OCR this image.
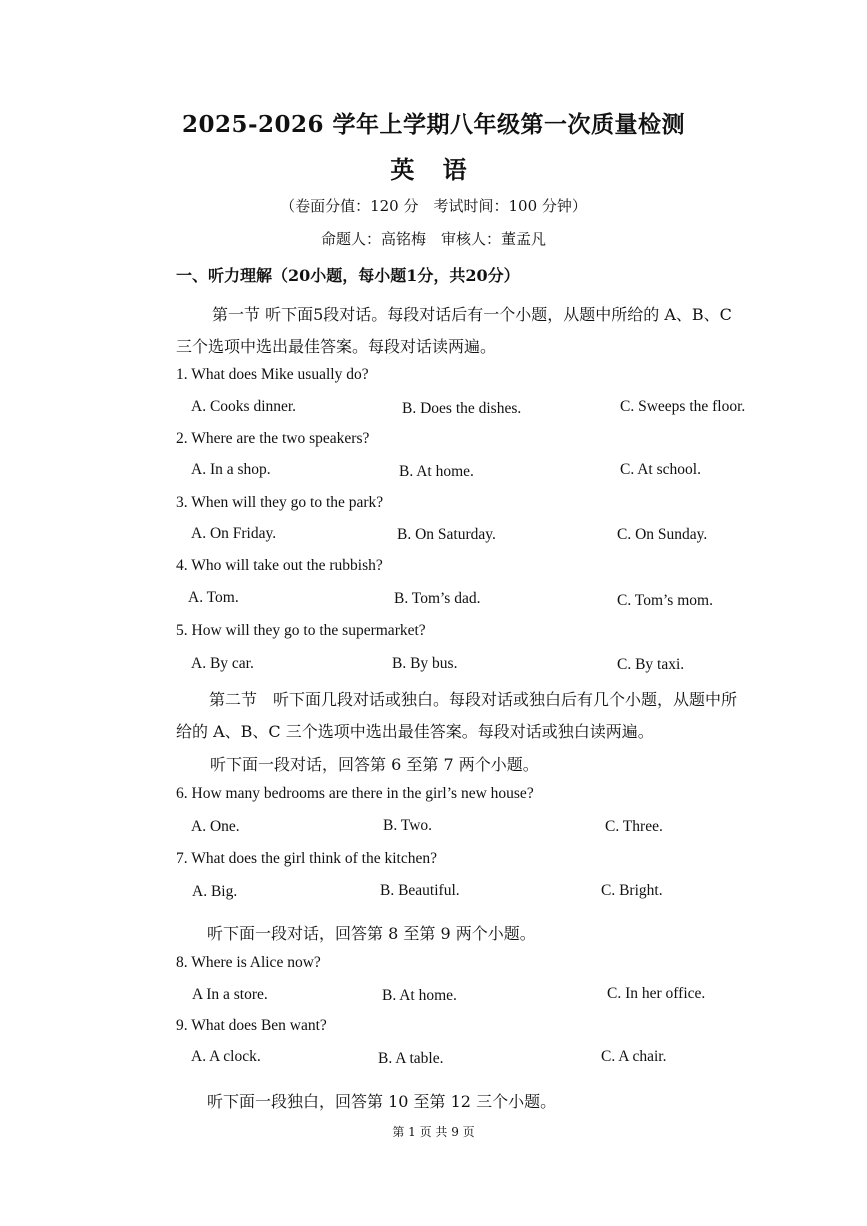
2025-2026 学年上学期八年级第一次质量检测
英 语
（卷面分值：120 分　考试时间：100 分钟）
命题人：高铭梅　审核人：董孟凡
一、听力理解（20小题，每小题1分，共20分）
第一节 听下面5段对话。每段对话后有一个小题，从题中所给的 A、B、C
三个选项中选出最佳答案。每段对话读两遍。
1. What does Mike usually do?
A. Cooks dinner.	B. Does the dishes.	C. Sweeps the floor.
2. Where are the two speakers?
A. In a shop.	B. At home.	C. At school.
3. When will they go to the park?
A. On Friday.	B. On Saturday.	C. On Sunday.
4. Who will take out the rubbish?
A. Tom.	B. Tom’s dad.	C. Tom’s mom.
5. How will they go to the supermarket?
A. By car.	B. By bus.	C. By taxi.
第二节　听下面几段对话或独白。每段对话或独白后有几个小题，从题中所
给的 A、B、C 三个选项中选出最佳答案。每段对话或独白读两遍。
听下面一段对话，回答第 6 至第 7 两个小题。
6. How many bedrooms are there in the girl’s new house?
A. One.	B. Two.	C. Three.
7. What does the girl think of the kitchen?
A. Big.	B. Beautiful.	C. Bright.
听下面一段对话，回答第 8 至第 9 两个小题。
8. Where is Alice now?
A In a store.	B. At home.	C. In her office.
9. What does Ben want?
A. A clock.	B. A table.	C. A chair.
听下面一段独白，回答第 10 至第 12 三个小题。
第 1 页 共 9 页
